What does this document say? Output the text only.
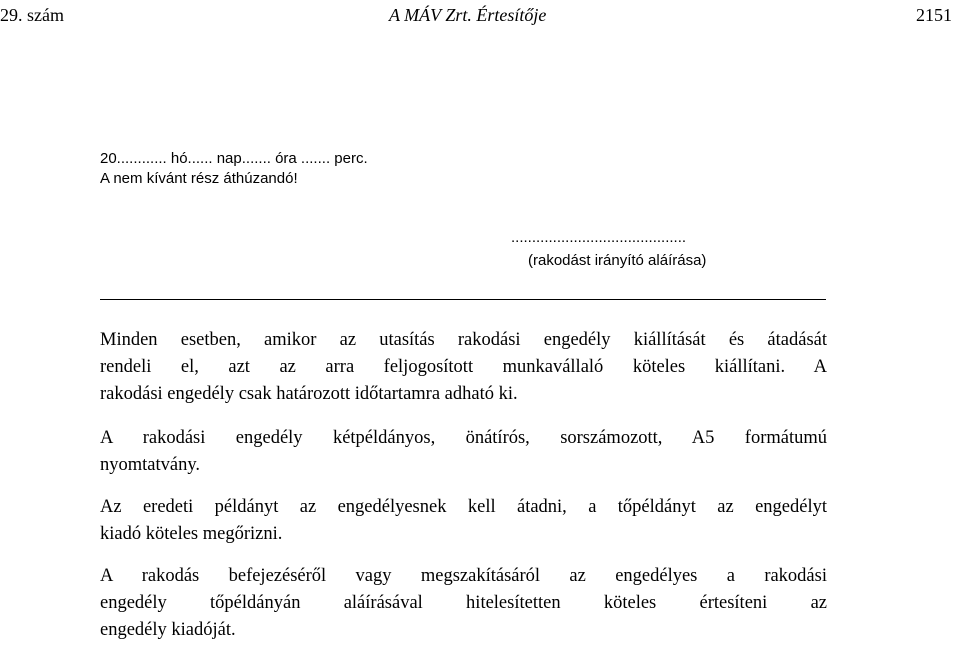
29. szám	A MÁV Zrt. Értesítője	2151
20............ hó...... nap....... óra ....... perc.
A nem kívánt rész áthúzandó!
..........................................
(rakodást irányító aláírása)
Minden esetben, amikor az utasítás rakodási engedély kiállítását és átadását
rendeli el, azt az arra feljogosított munkavállaló köteles kiállítani. A
rakodási engedély csak határozott időtartamra adható ki.
A rakodási engedély kétpéldányos, önátírós, sorszámozott, A5 formátumú
nyomtatvány.
Az eredeti példányt az engedélyesnek kell átadni, a tőpéldányt az engedélyt
kiadó köteles megőrizni.
A rakodás befejezéséről vagy megszakításáról az engedélyes a rakodási
engedély tőpéldányán aláírásával hitelesítetten köteles értesíteni az
engedély kiadóját.
